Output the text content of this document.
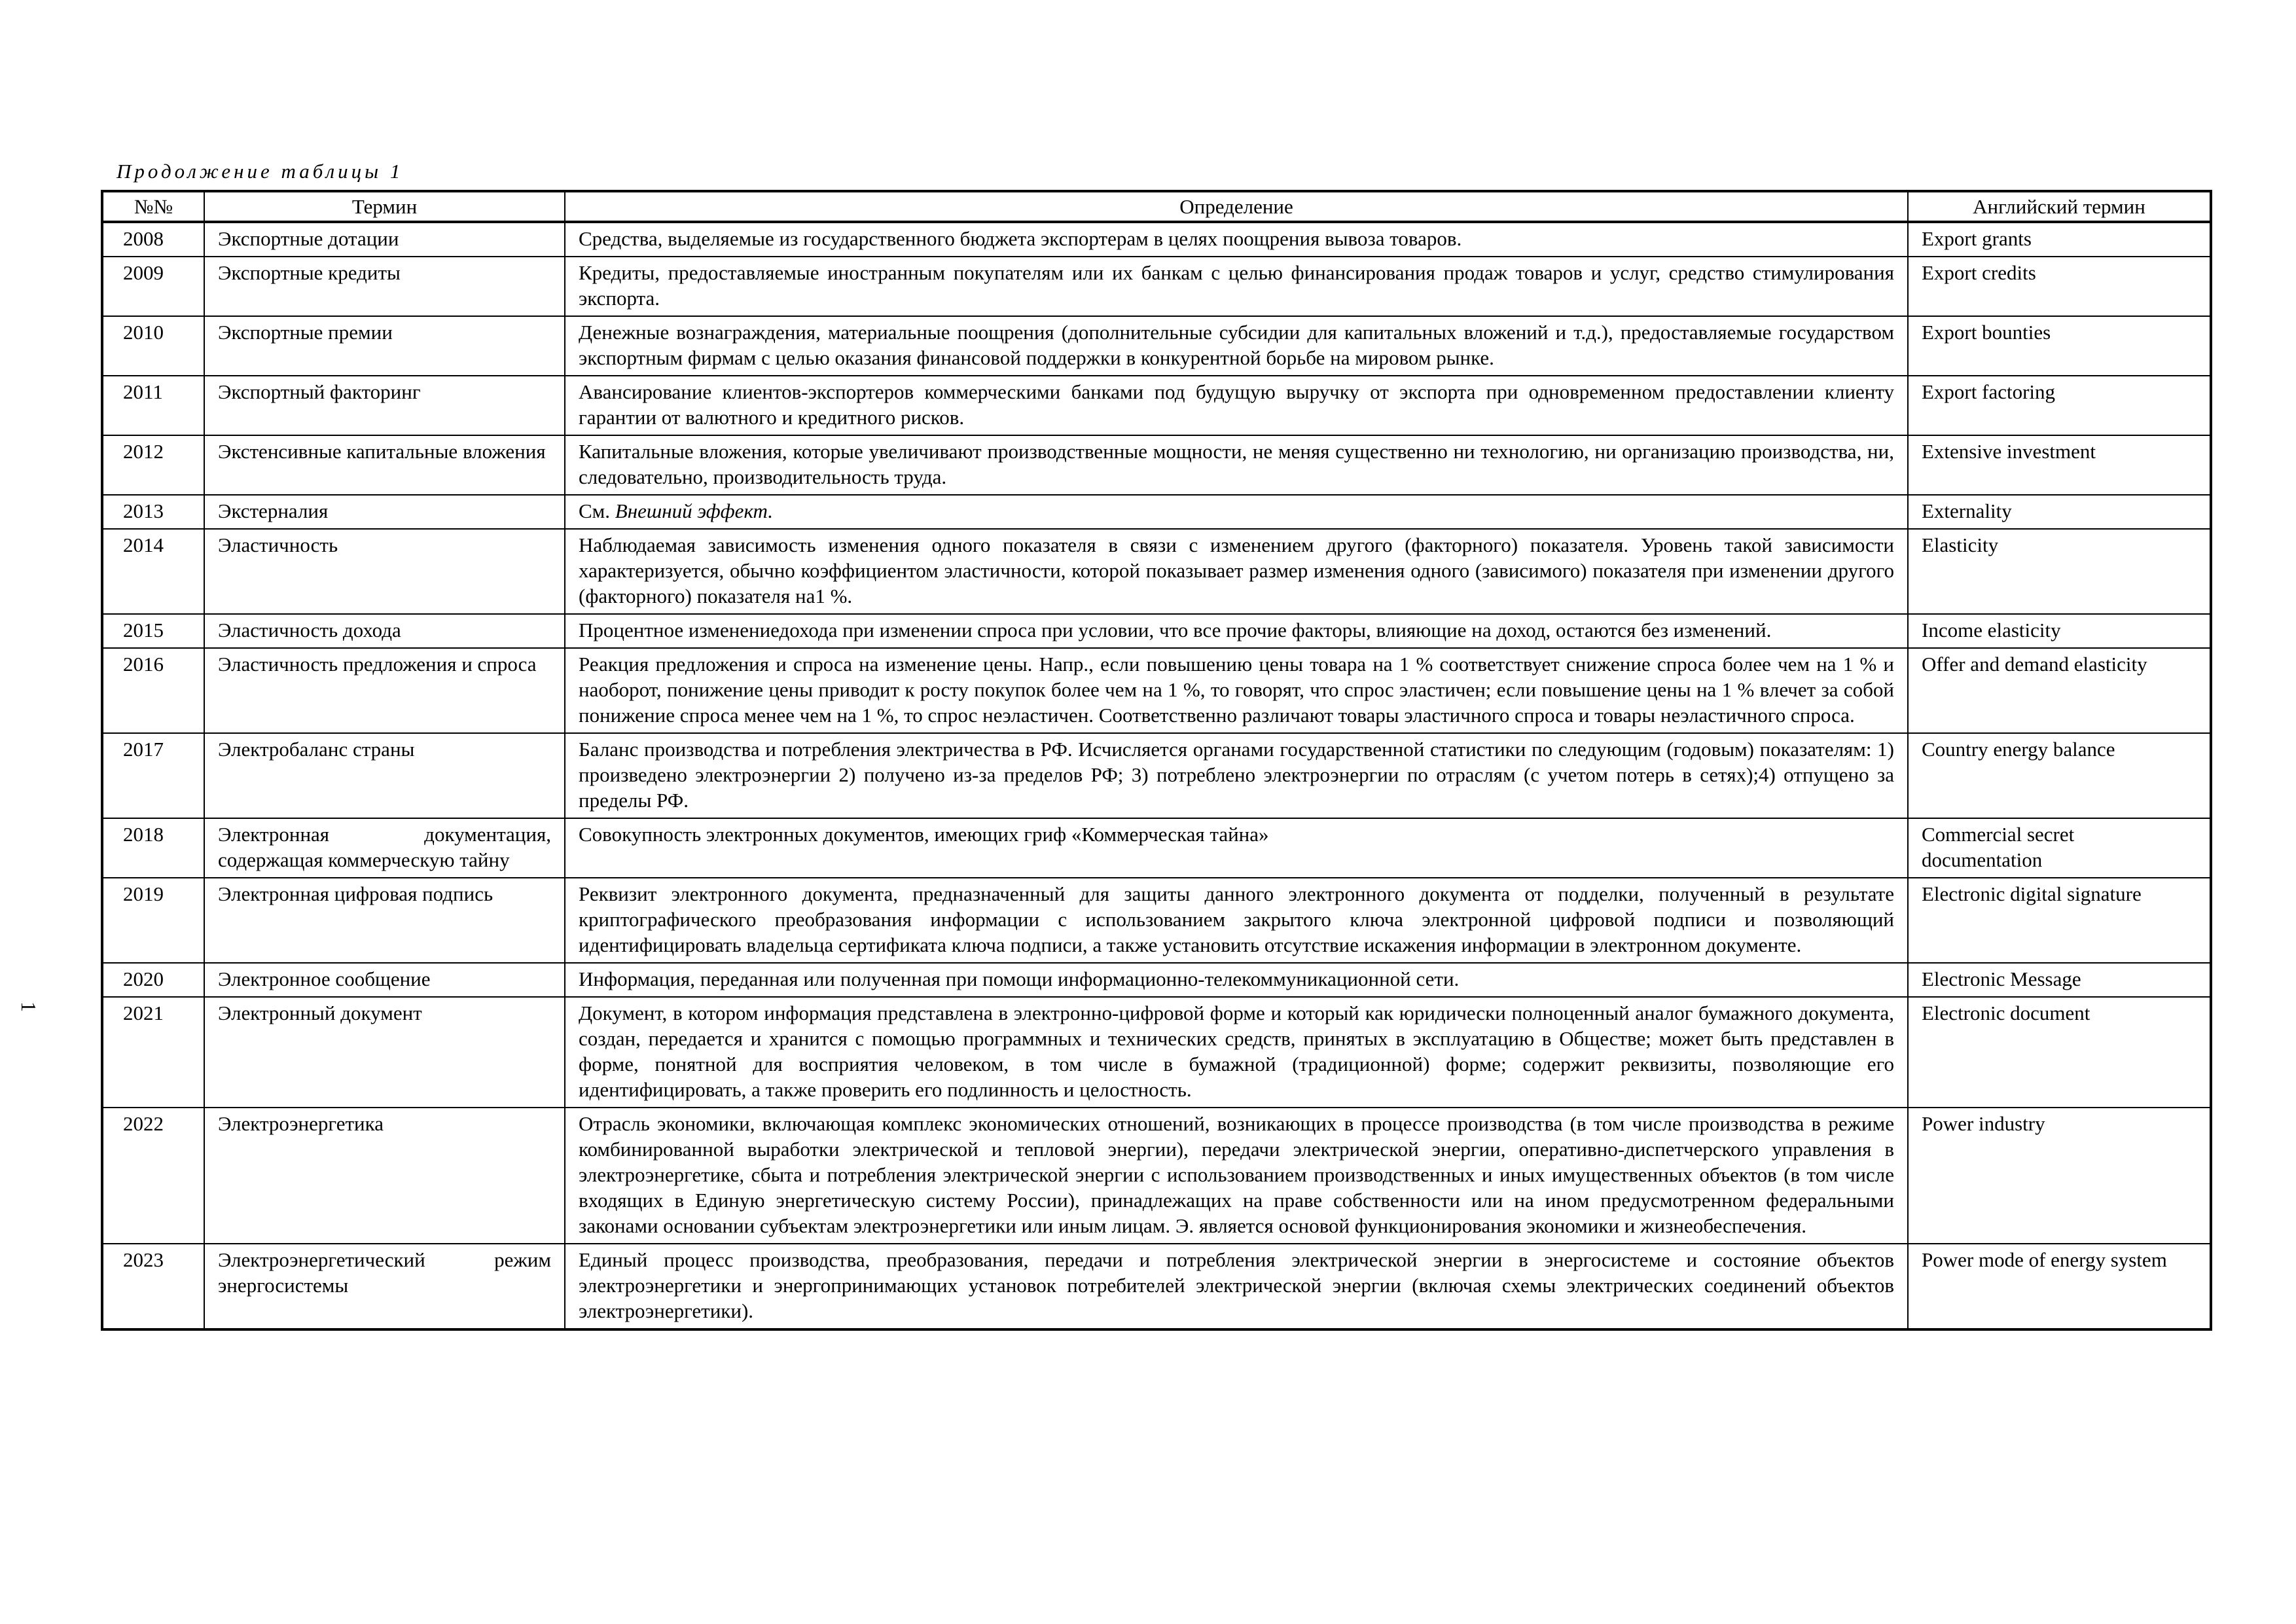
Продолжение таблицы 1
1
№№	Термин	Определение	Английский термин
2008	Экспортные дотации	Средства, выделяемые из государственного бюджета экспортерам в целях поощрения вывоза товаров.	Export grants
2009	Экспортные кредиты	Кредиты, предоставляемые иностранным покупателям или их банкам с целью финансирования продаж товаров и услуг, средство стимулирования экспорта.	Export credits
2010	Экспортные премии	Денежные вознаграждения, материальные поощрения (дополнительные субсидии для капитальных вложений и т.д.), предоставляемые государством экспортным фирмам с целью оказания финансовой поддержки в конкурентной борьбе на мировом рынке.	Export bounties
2011	Экспортный факторинг	Авансирование клиентов-экспортеров коммерческими банками под будущую выручку от экспорта при одновременном предоставлении клиенту гарантии от валютного и кредитного рисков.	Export factoring
2012	Экстенсивные капитальные вложения	Капитальные вложения, которые увеличивают производственные мощности, не меняя существенно ни технологию, ни организацию производства, ни, следовательно, производительность труда.	Extensive investment
2013	Экстерналия	См. Внешний эффект.	Externality
2014	Эластичность	Наблюдаемая зависимость изменения одного показателя в связи с изменением другого (факторного) показателя. Уровень такой зависимости характеризуется, обычно коэффициентом эластичности, которой показывает размер изменения одного (зависимого) показателя при изменении другого (факторного) показателя на1 %.	Elasticity
2015	Эластичность дохода	Процентное изменениедохода при изменении спроса при условии, что все прочие факторы, влияющие на доход, остаются без изменений.	Income elasticity
2016	Эластичность предложения и спроса	Реакция предложения и спроса на изменение цены. Напр., если повышению цены товара на 1 % соответствует снижение спроса более чем на 1 % и наоборот, понижение цены приводит к росту покупок более чем на 1 %, то говорят, что спрос эластичен; если повышение цены на 1 % влечет за собой понижение спроса менее чем на 1 %, то спрос неэластичен. Соответственно различают товары эластичного спроса и товары неэластичного спроса.	Offer and demand elasticity
2017	Электробаланс страны	Баланс производства и потребления электричества в РФ. Исчисляется органами государственной статистики по следующим (годовым) показателям: 1) произведено электроэнергии 2) получено из-за пределов РФ; 3) потреблено электроэнергии по отраслям (с учетом потерь в сетях);4) отпущено за пределы РФ.	Country energy balance
2018	Электронная документация, содержащая коммерческую тайну	Совокупность электронных документов, имеющих гриф «Коммерческая тайна»	Commercial secret documentation
2019	Электронная цифровая подпись	Реквизит электронного документа, предназначенный для защиты данного электронного документа от подделки, полученный в результате криптографического преобразования информации с использованием закрытого ключа электронной цифровой подписи и позволяющий идентифицировать владельца сертификата ключа подписи, а также установить отсутствие искажения информации в электронном документе.	Electronic digital signature
2020	Электронное сообщение	Информация, переданная или полученная при помощи информационно-телекоммуникационной сети.	Electronic Message
2021	Электронный документ	Документ, в котором информация представлена в электронно-цифровой форме и который как юридически полноценный аналог бумажного документа, создан, передается и хранится с помощью программных и технических средств, принятых в эксплуатацию в Обществе; может быть представлен в форме, понятной для восприятия человеком, в том числе в бумажной (традиционной) форме; содержит реквизиты, позволяющие его идентифицировать, а также проверить его подлинность и целостность.	Electronic document
2022	Электроэнергетика	Отрасль экономики, включающая комплекс экономических отношений, возникающих в процессе производства (в том числе производства в режиме комбинированной выработки электрической и тепловой энергии), передачи электрической энергии, оперативно-диспетчерского управления в электроэнергетике, сбыта и потребления электрической энергии с использованием производственных и иных имущественных объектов (в том числе входящих в Единую энергетическую систему России), принадлежащих на праве собственности или на ином предусмотренном федеральными законами основании субъектам электроэнергетики или иным лицам. Э. является основой функционирования экономики и жизнеобеспечения.	Power industry
2023	Электроэнергетический режим энергосистемы	Единый процесс производства, преобразования, передачи и потребления электрической энергии в энергосистеме и состояние объектов электроэнергетики и энергопринимающих установок потребителей электрической энергии (включая схемы электрических соединений объектов электроэнергетики).	Power mode of energy system
